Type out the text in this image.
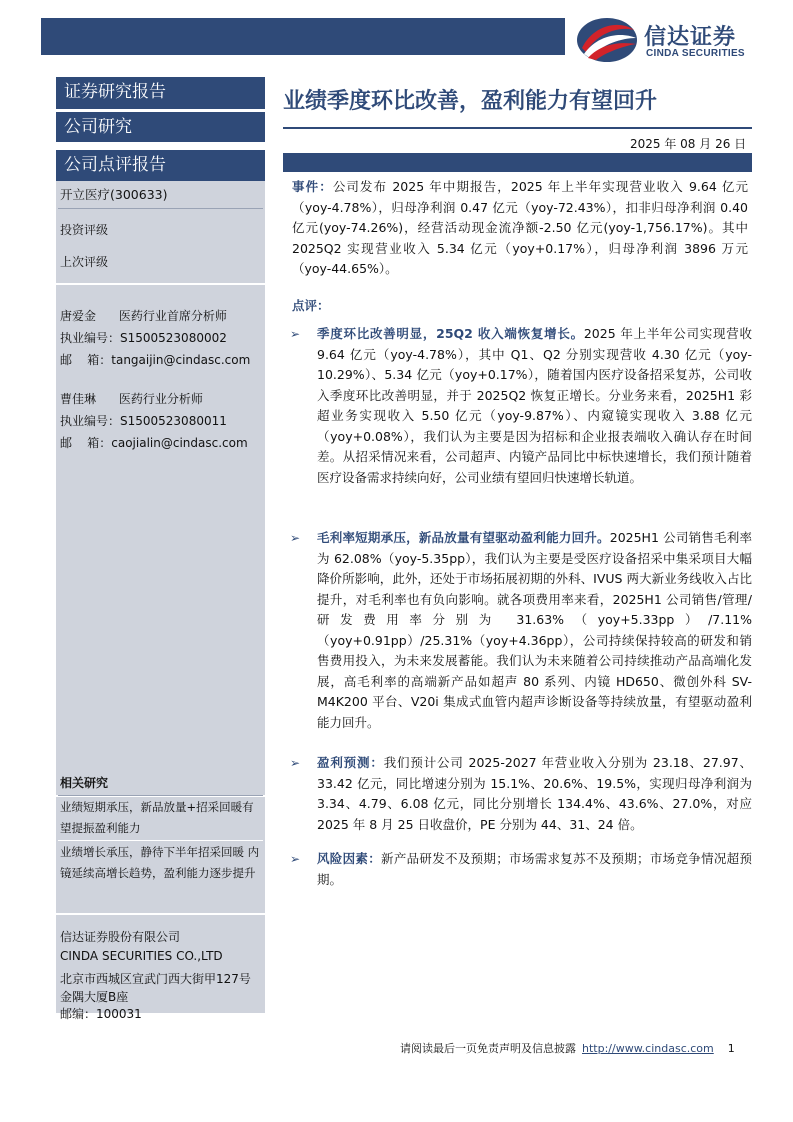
信达证券
CINDA SECURITIES
证券研究报告
公司研究
公司点评报告
开立医疗(300633)
投资评级
上次评级
唐爱金      医药行业首席分析师
执业编号：S1500523080002
邮    箱：tangaijin@cindasc.com
曹佳琳      医药行业分析师
执业编号：S1500523080011
邮    箱：caojialin@cindasc.com
相关研究
业绩短期承压，新品放量+招采回暖有望提振盈利能力
业绩增长承压，静待下半年招采回暖 内镜延续高增长趋势，盈利能力逐步提升
信达证券股份有限公司
CINDA SECURITIES CO.,LTD
北京市西城区宣武门西大街甲127号金隅大厦B座
邮编：100031
业绩季度环比改善，盈利能力有望回升
2025 年 08 月 26 日
事件：公司发布 2025 年中期报告，2025 年上半年实现营业收入 9.64 亿元（yoy-4.78%），归母净利润 0.47 亿元（yoy-72.43%），扣非归母净利润 0.40 亿元(yoy-74.26%)，经营活动现金流净额-2.50 亿元(yoy-1,756.17%)。其中 2025Q2 实现营业收入 5.34 亿元（yoy+0.17%），归母净利润 3896 万元（yoy-44.65%）。
点评：
➢ 季度环比改善明显，25Q2 收入端恢复增长。2025 年上半年公司实现营收 9.64 亿元（yoy-4.78%），其中 Q1、Q2 分别实现营收 4.30 亿元（yoy-10.29%）、5.34 亿元（yoy+0.17%），随着国内医疗设备招采复苏，公司收入季度环比改善明显，并于 2025Q2 恢复正增长。分业务来看，2025H1 彩超业务实现收入 5.50 亿元（yoy-9.87%）、内窥镜实现收入 3.88 亿元（yoy+0.08%），我们认为主要是因为招标和企业报表端收入确认存在时间差。从招采情况来看，公司超声、内镜产品同比中标快速增长，我们预计随着医疗设备需求持续向好，公司业绩有望回归快速增长轨道。
➢ 毛利率短期承压，新品放量有望驱动盈利能力回升。2025H1 公司销售毛利率为 62.08%（yoy-5.35pp），我们认为主要是受医疗设备招采中集采项目大幅降价所影响，此外，还处于市场拓展初期的外科、IVUS 两大新业务线收入占比提升，对毛利率也有负向影响。就各项费用率来看，2025H1 公司销售/管理/研发费用率分别为 31.63%（yoy+5.33pp）/7.11%（yoy+0.91pp）/25.31%（yoy+4.36pp），公司持续保持较高的研发和销售费用投入，为未来发展蓄能。我们认为未来随着公司持续推动产品高端化发展，高毛利率的高端新产品如超声 80 系列、内镜 HD650、微创外科 SV-M4K200 平台、V20i 集成式血管内超声诊断设备等持续放量，有望驱动盈利能力回升。
➢ 盈利预测：我们预计公司 2025-2027 年营业收入分别为 23.18、27.97、33.42 亿元，同比增速分别为 15.1%、20.6%、19.5%，实现归母净利润为 3.34、4.79、6.08 亿元，同比分别增长 134.4%、43.6%、27.0%，对应 2025 年 8 月 25 日收盘价，PE 分别为 44、31、24 倍。
➢ 风险因素：新产品研发不及预期；市场需求复苏不及预期；市场竞争情况超预期。
请阅读最后一页免责声明及信息披露 http://www.cindasc.com 1
